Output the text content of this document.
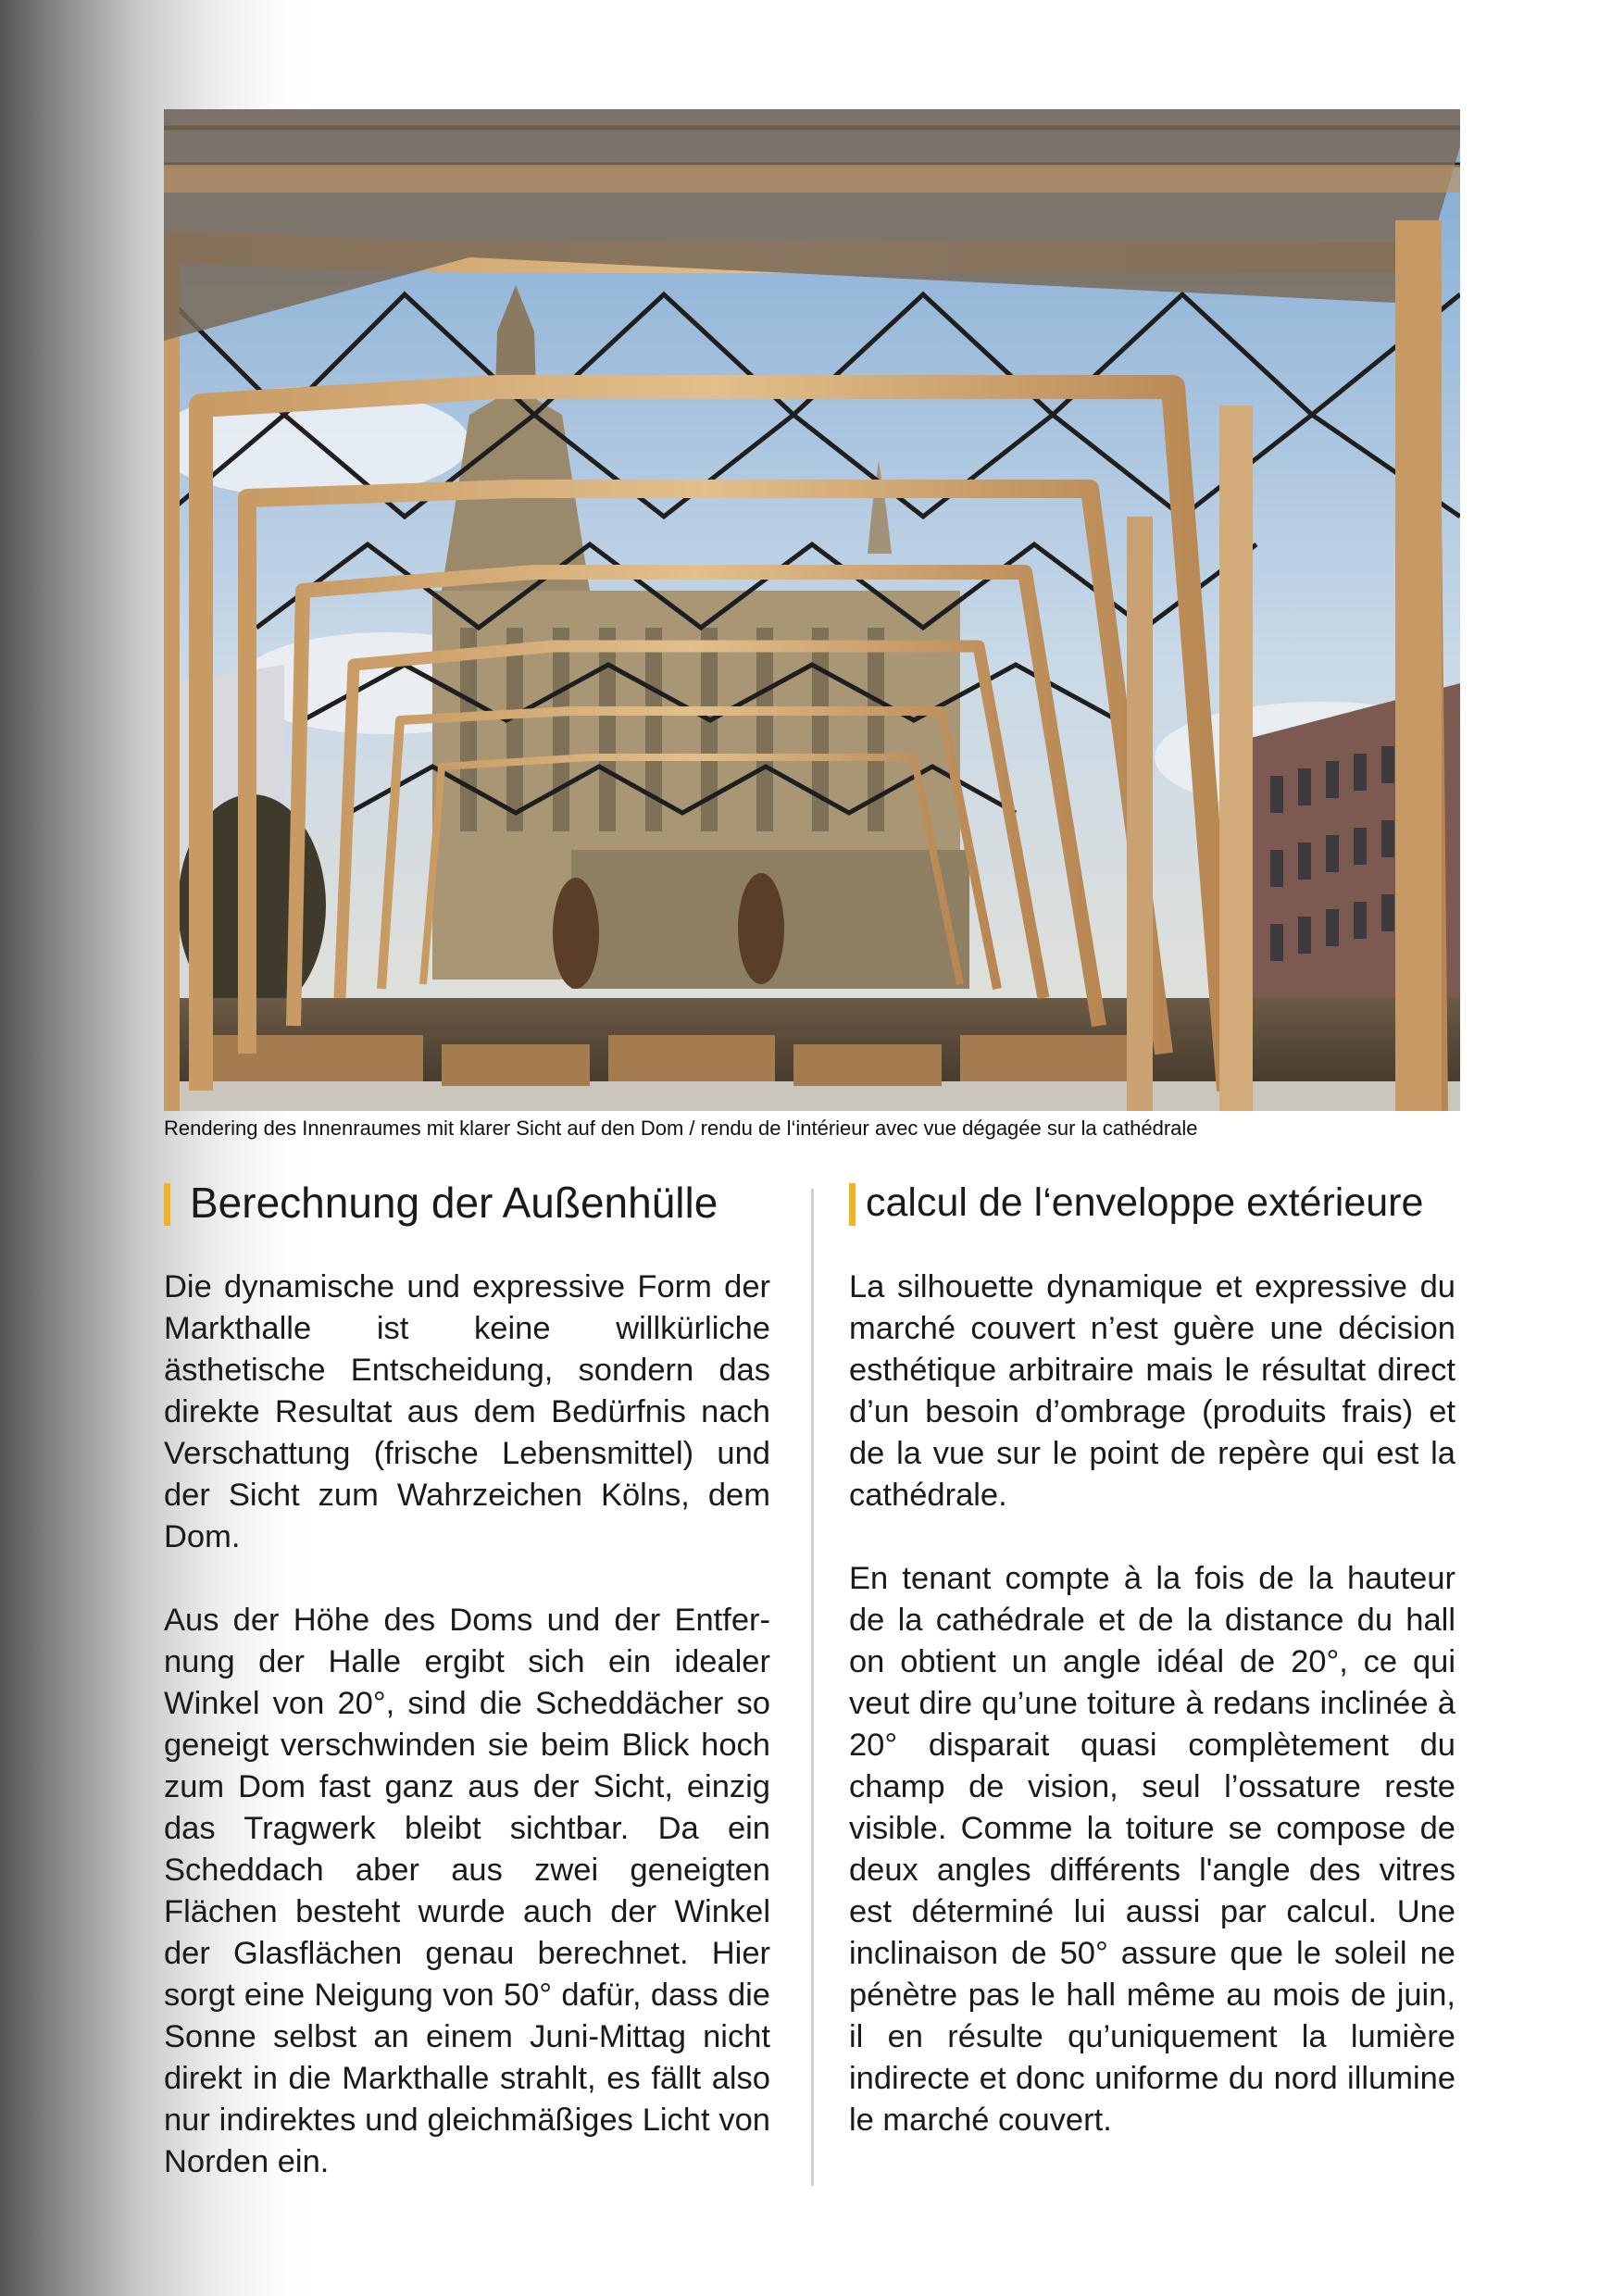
Rendering des Innenraumes mit klarer Sicht auf den Dom / rendu de l‘intérieur avec vue dégagée sur la cathédrale
Berechnung der Außenhülle

Die dynamische und expressive Form der Markthalle ist keine willkürliche ästhetische Entscheidung, sondern das direkte Resultat aus dem Bedürfnis nach Verschattung (frische Lebensmittel) und der Sicht zum Wahrzeichen Kölns, dem Dom.

Aus der Höhe des Doms und der Entfernung der Halle ergibt sich ein idealer Winkel von 20°, sind die Scheddächer so geneigt verschwinden sie beim Blick hoch zum Dom fast ganz aus der Sicht, einzig das Tragwerk bleibt sichtbar. Da ein Scheddach aber aus zwei geneigten Flächen besteht wurde auch der Winkel der Glasflächen genau berechnet. Hier sorgt eine Neigung von 50° dafür, dass die Sonne selbst an einem Juni-Mittag nicht direkt in die Markthalle strahlt, es fällt also nur indirektes und gleichmäßiges Licht von Norden ein.

calcul de l‘enveloppe extérieure

La silhouette dynamique et expressive du marché couvert n’est guère une décision esthétique arbitraire mais le résultat direct d’un besoin d’ombrage (produits frais) et de la vue sur le point de repère qui est la cathédrale.

En tenant compte à la fois de la hauteur de la cathédrale et de la distance du hall on obtient un angle idéal de 20°, ce qui veut dire qu’une toiture à redans inclinée à 20° disparait quasi complètement du champ de vision, seul l’ossature reste visible. Comme la toiture se compose de deux angles différents l'angle des vitres est déterminé lui aussi par calcul. Une inclinaison de 50° assure que le soleil ne pénètre pas le hall même au mois de juin, il en résulte qu’uniquement la lumière indirecte et donc uniforme du nord illumine le marché couvert.
